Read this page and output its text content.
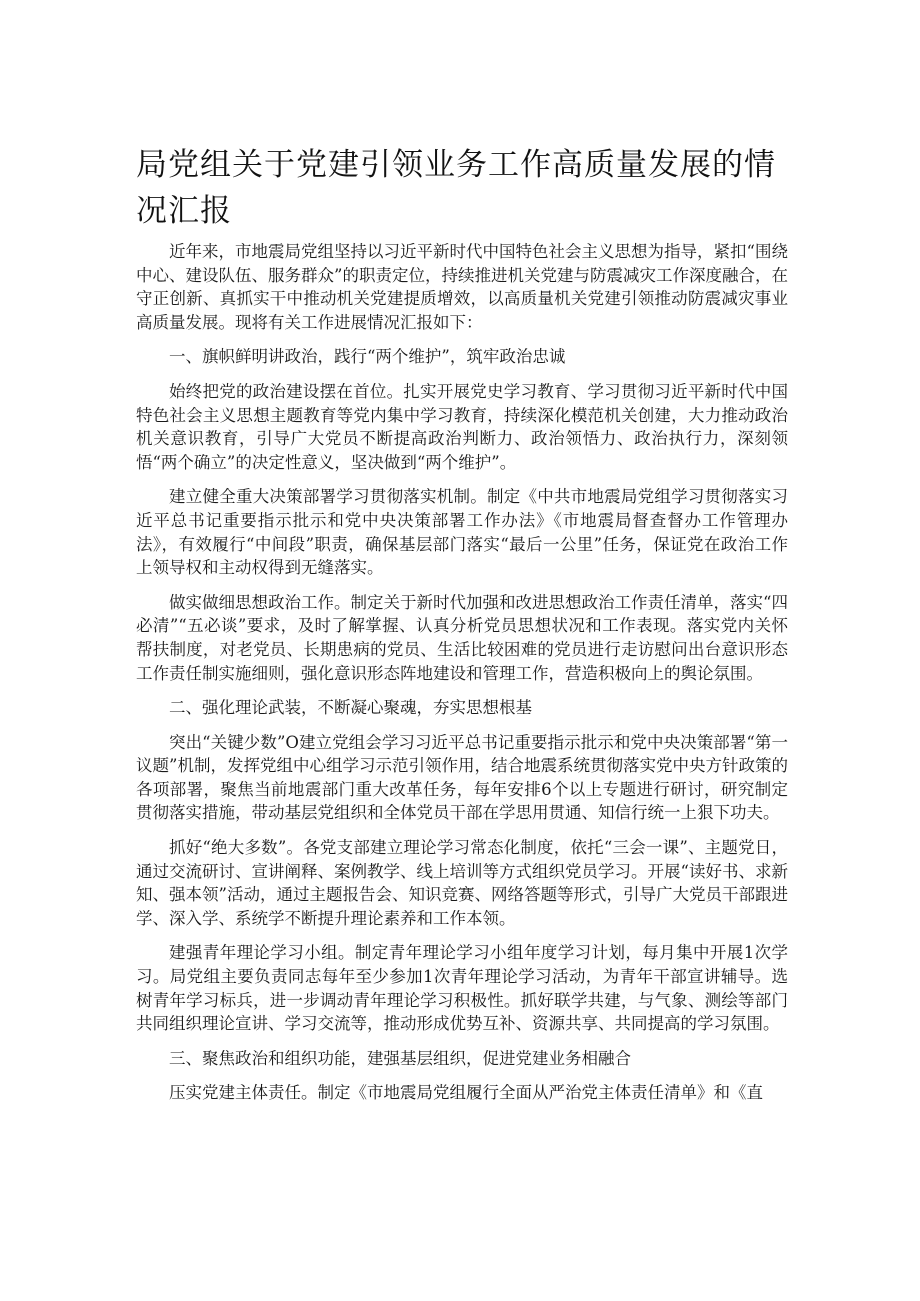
局党组关于党建引领业务工作高质量发展的情况汇报

近年来，市地震局党组坚持以习近平新时代中国特色社会主义思想为指导，紧扣“围绕中心、建设队伍、服务群众”的职责定位，持续推进机关党建与防震减灾工作深度融合，在守正创新、真抓实干中推动机关党建提质增效，以高质量机关党建引领推动防震减灾事业高质量发展。现将有关工作进展情况汇报如下：

一、旗帜鲜明讲政治，践行“两个维护”，筑牢政治忠诚

始终把党的政治建设摆在首位。扎实开展党史学习教育、学习贯彻习近平新时代中国特色社会主义思想主题教育等党内集中学习教育，持续深化模范机关创建，大力推动政治机关意识教育，引导广大党员不断提高政治判断力、政治领悟力、政治执行力，深刻领悟“两个确立”的决定性意义，坚决做到“两个维护”。

建立健全重大决策部署学习贯彻落实机制。制定《中共市地震局党组学习贯彻落实习近平总书记重要指示批示和党中央决策部署工作办法》《市地震局督查督办工作管理办法》，有效履行“中间段”职责，确保基层部门落实“最后一公里”任务，保证党在政治工作上领导权和主动权得到无缝落实。

做实做细思想政治工作。制定关于新时代加强和改进思想政治工作责任清单，落实“四必清”“五必谈”要求，及时了解掌握、认真分析党员思想状况和工作表现。落实党内关怀帮扶制度，对老党员、长期患病的党员、生活比较困难的党员进行走访慰问出台意识形态工作责任制实施细则，强化意识形态阵地建设和管理工作，营造积极向上的舆论氛围。

二、强化理论武装，不断凝心聚魂，夯实思想根基

突出“关键少数”O建立党组会学习习近平总书记重要指示批示和党中央决策部署“第一议题”机制，发挥党组中心组学习示范引领作用，结合地震系统贯彻落实党中央方针政策的各项部署，聚焦当前地震部门重大改革任务，每年安排6个以上专题进行研讨，研究制定贯彻落实措施，带动基层党组织和全体党员干部在学思用贯通、知信行统一上狠下功夫。

抓好“绝大多数”。各党支部建立理论学习常态化制度，依托“三会一课”、主题党日，通过交流研讨、宣讲阐释、案例教学、线上培训等方式组织党员学习。开展“读好书、求新知、强本领”活动，通过主题报告会、知识竞赛、网络答题等形式，引导广大党员干部跟进学、深入学、系统学不断提升理论素养和工作本领。

建强青年理论学习小组。制定青年理论学习小组年度学习计划，每月集中开展1次学习。局党组主要负责同志每年至少参加1次青年理论学习活动，为青年干部宣讲辅导。选树青年学习标兵，进一步调动青年理论学习积极性。抓好联学共建，与气象、测绘等部门共同组织理论宣讲、学习交流等，推动形成优势互补、资源共享、共同提高的学习氛围。

三、聚焦政治和组织功能，建强基层组织，促进党建业务相融合

压实党建主体责任。制定《市地震局党组履行全面从严治党主体责任清单》和《直
